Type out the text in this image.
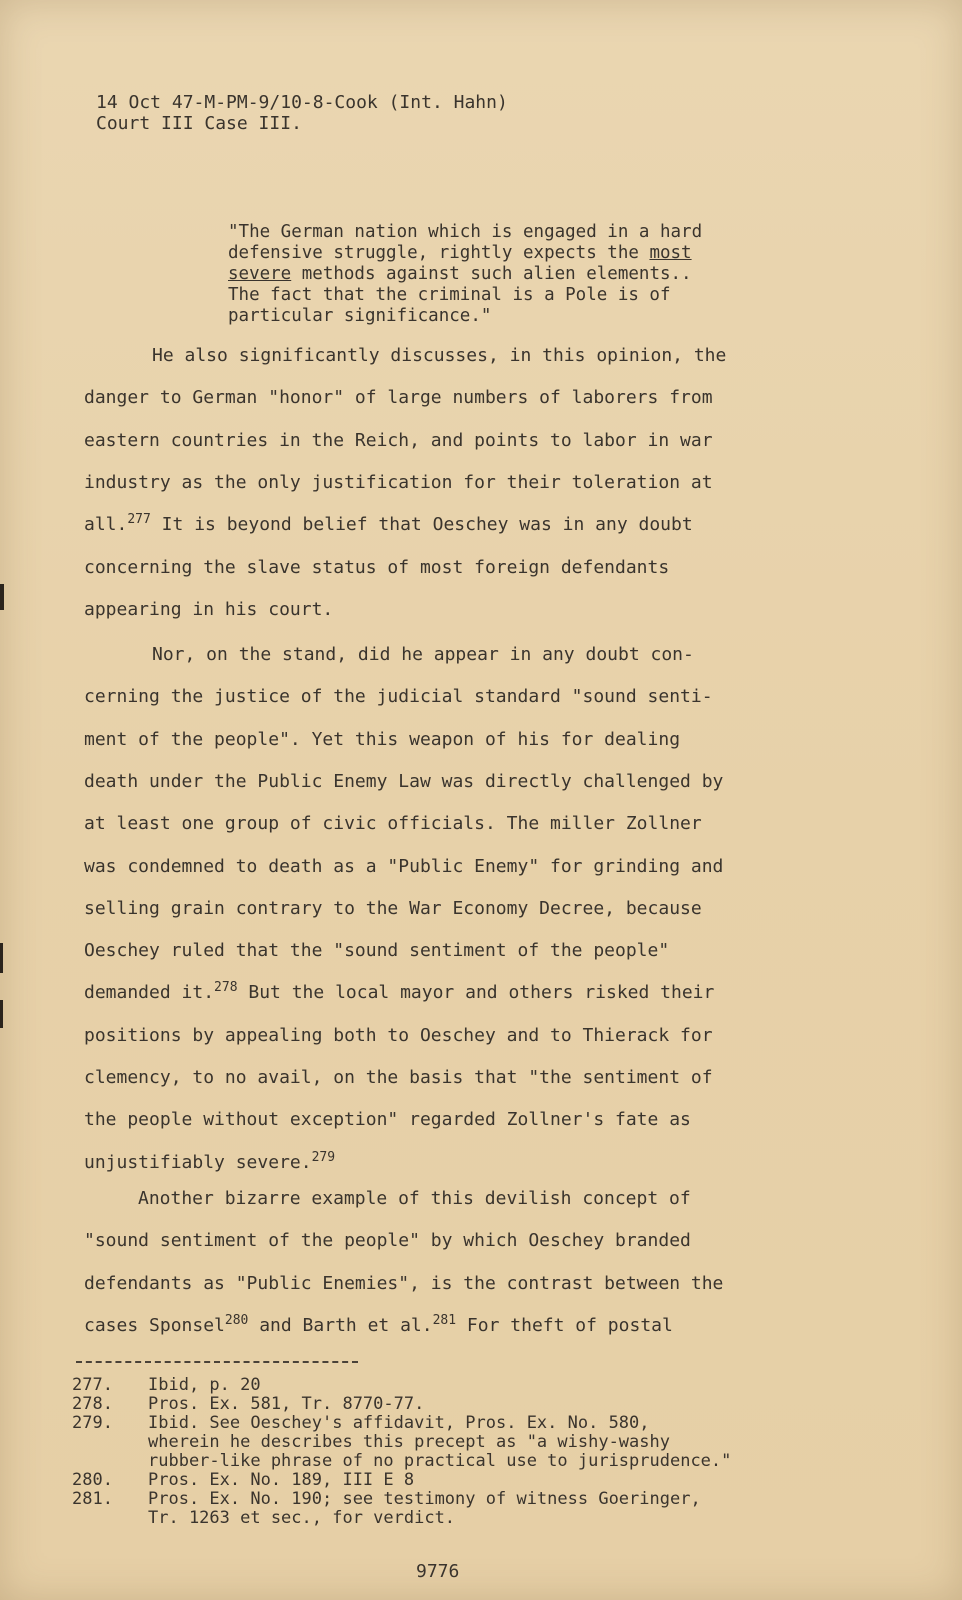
14 Oct 47-M-PM-9/10-8-Cook (Int. Hahn)
Court III Case III.
"The German nation which is engaged in a hard
defensive struggle, rightly expects the most
severe methods against such alien elements..
The fact that the criminal is a Pole is of
particular significance."
He also significantly discusses, in this opinion, the
danger to German "honor" of large numbers of laborers from
eastern countries in the Reich, and points to labor in war
industry as the only justification for their toleration at
all.$^{277}$ It is beyond belief that Oeschey was in any doubt
concerning the slave status of most foreign defendants
appearing in his court.
Nor, on the stand, did he appear in any doubt con-
cerning the justice of the judicial standard "sound senti-
ment of the people". Yet this weapon of his for dealing
death under the Public Enemy Law was directly challenged by
at least one group of civic officials. The miller Zollner
was condemned to death as a "Public Enemy" for grinding and
selling grain contrary to the War Economy Decree, because
Oeschey ruled that the "sound sentiment of the people"
demanded it.$^{278}$ But the local mayor and others risked their
positions by appealing both to Oeschey and to Thierack for
clemency, to no avail, on the basis that "the sentiment of
the people without exception" regarded Zollner's fate as
unjustifiably severe.$^{279}$
Another bizarre example of this devilish concept of
"sound sentiment of the people" by which Oeschey branded
defendants as "Public Enemies", is the contrast between the
cases Sponsel$^{280}$ and Barth et al.$^{281}$ For theft of postal
277. Ibid, p. 20
278. Pros. Ex. 581, Tr. 8770-77.
279. Ibid. See Oeschey's affidavit, Pros. Ex. No. 580,
wherein he describes this precept as "a wishy-washy
rubber-like phrase of no practical use to jurisprudence."
280. Pros. Ex. No. 189, III E 8
281. Pros. Ex. No. 190; see testimony of witness Goeringer,
Tr. 1263 et sec., for verdict.
9776
